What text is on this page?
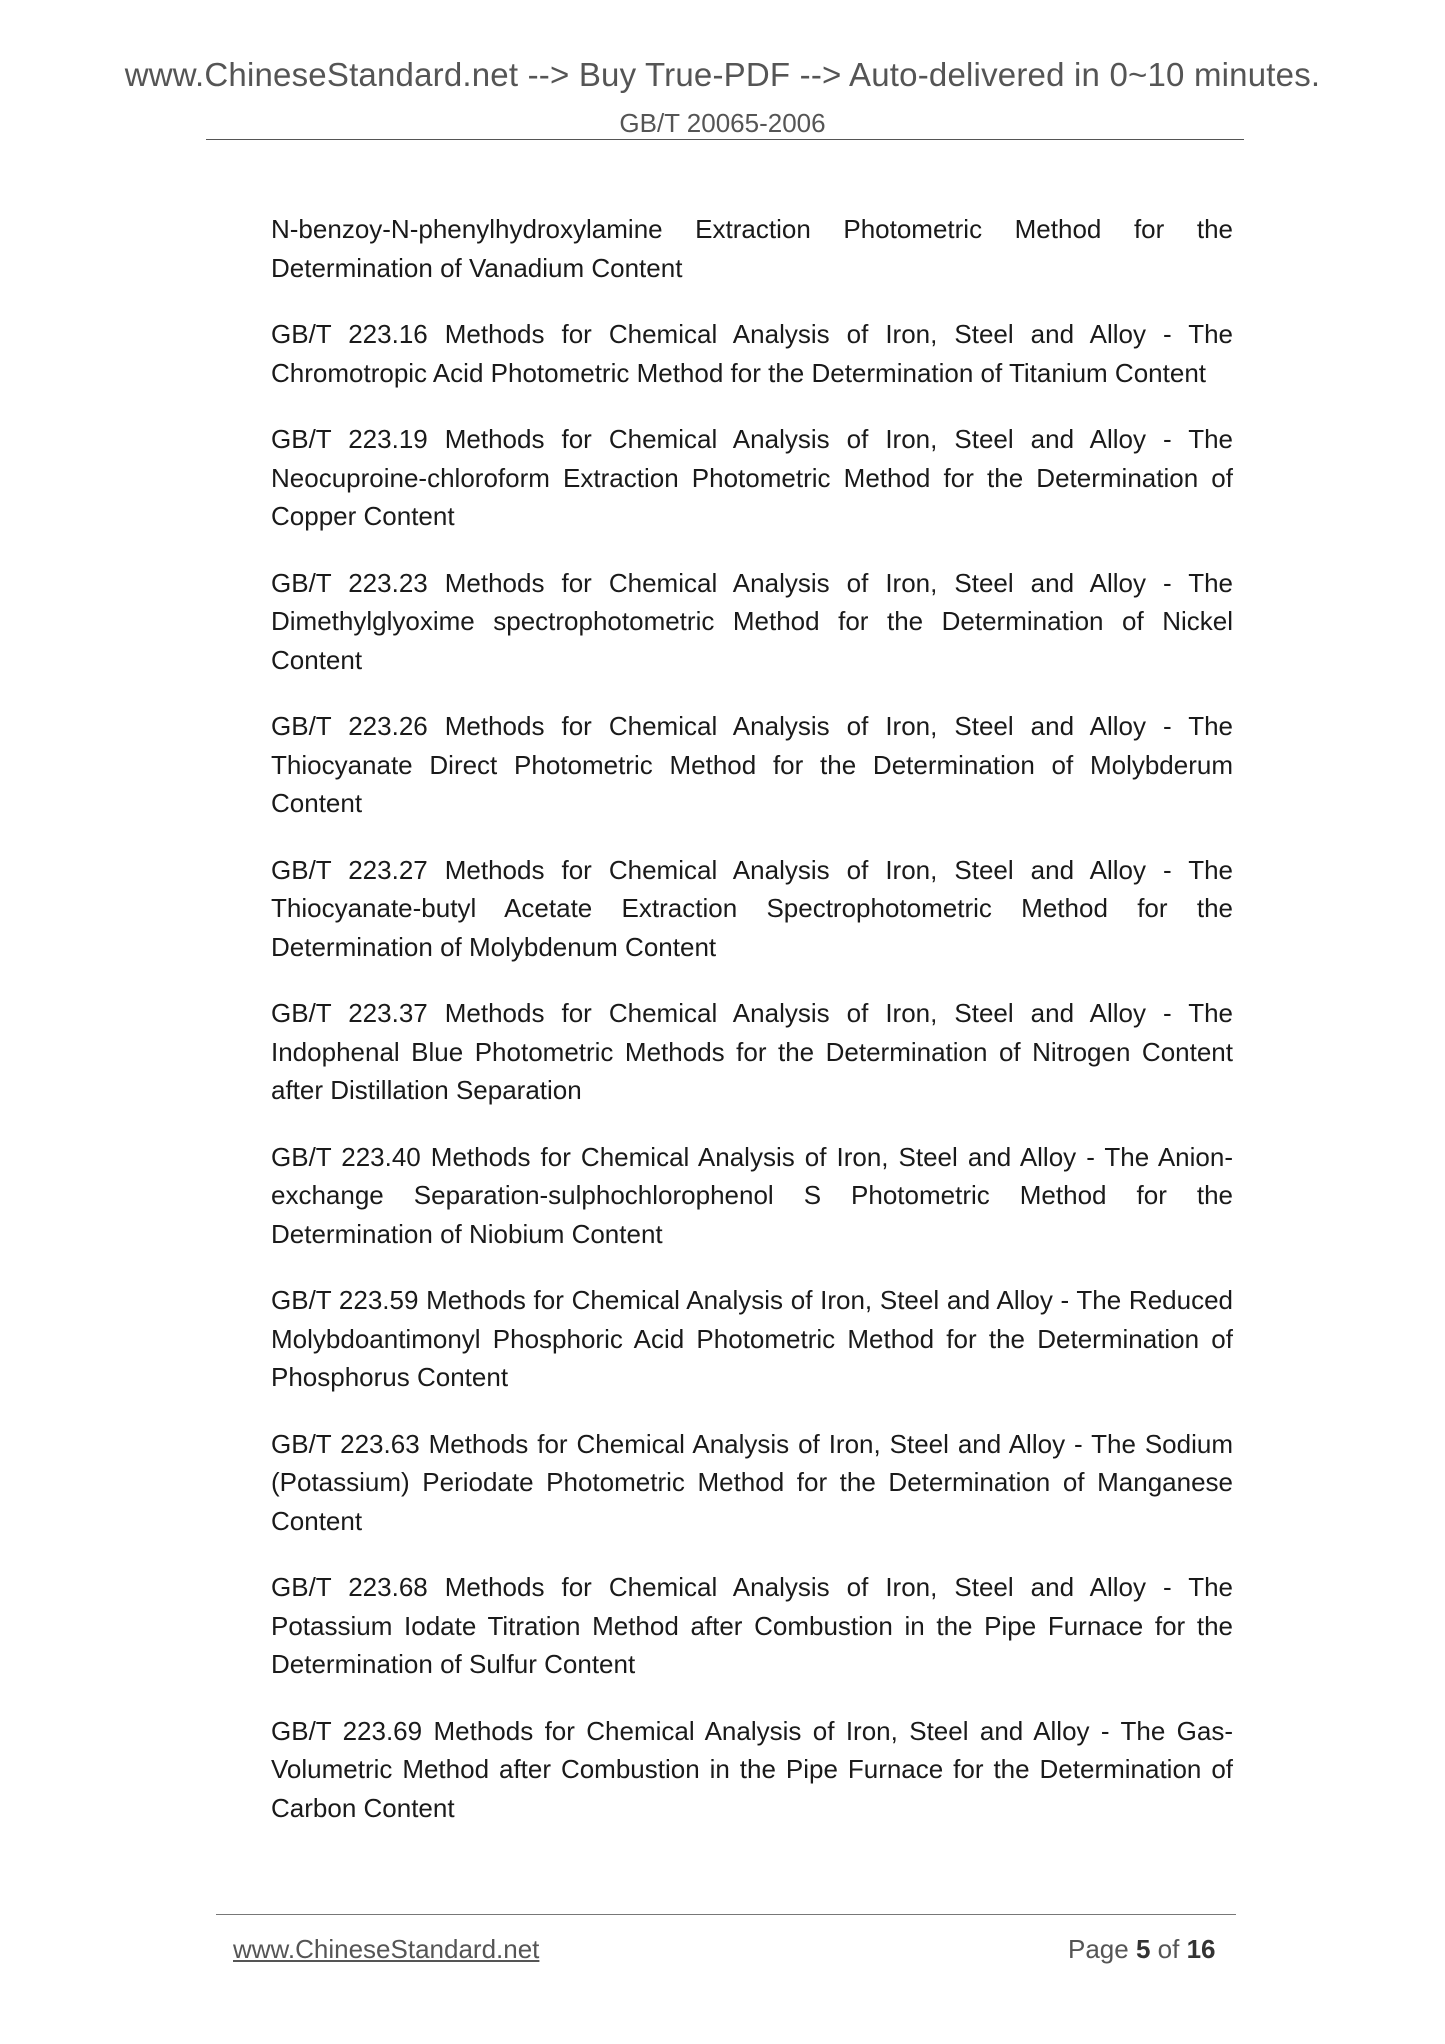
www.ChineseStandard.net --> Buy True-PDF --> Auto-delivered in 0~10 minutes.
GB/T 20065-2006

N-benzoy-N-phenylhydroxylamine Extraction Photometric Method for the Determination of Vanadium Content

GB/T 223.16 Methods for Chemical Analysis of Iron, Steel and Alloy - The Chromotropic Acid Photometric Method for the Determination of Titanium Content

GB/T 223.19 Methods for Chemical Analysis of Iron, Steel and Alloy - The Neocuproine-chloroform Extraction Photometric Method for the Determination of Copper Content

GB/T 223.23 Methods for Chemical Analysis of Iron, Steel and Alloy - The Dimethylglyoxime spectrophotometric Method for the Determination of Nickel Content

GB/T 223.26 Methods for Chemical Analysis of Iron, Steel and Alloy - The Thiocyanate Direct Photometric Method for the Determination of Molybderum Content

GB/T 223.27 Methods for Chemical Analysis of Iron, Steel and Alloy - The Thiocyanate-butyl Acetate Extraction Spectrophotometric Method for the Determination of Molybdenum Content

GB/T 223.37 Methods for Chemical Analysis of Iron, Steel and Alloy - The Indophenal Blue Photometric Methods for the Determination of Nitrogen Content after Distillation Separation

GB/T 223.40 Methods for Chemical Analysis of Iron, Steel and Alloy - The Anion-exchange Separation-sulphochlorophenol S Photometric Method for the Determination of Niobium Content

GB/T 223.59 Methods for Chemical Analysis of Iron, Steel and Alloy - The Reduced Molybdoantimonyl Phosphoric Acid Photometric Method for the Determination of Phosphorus Content

GB/T 223.63 Methods for Chemical Analysis of Iron, Steel and Alloy - The Sodium (Potassium) Periodate Photometric Method for the Determination of Manganese Content

GB/T 223.68 Methods for Chemical Analysis of Iron, Steel and Alloy - The Potassium Iodate Titration Method after Combustion in the Pipe Furnace for the Determination of Sulfur Content

GB/T 223.69 Methods for Chemical Analysis of Iron, Steel and Alloy - The Gas-Volumetric Method after Combustion in the Pipe Furnace for the Determination of Carbon Content

www.ChineseStandard.net	Page 5 of 16
